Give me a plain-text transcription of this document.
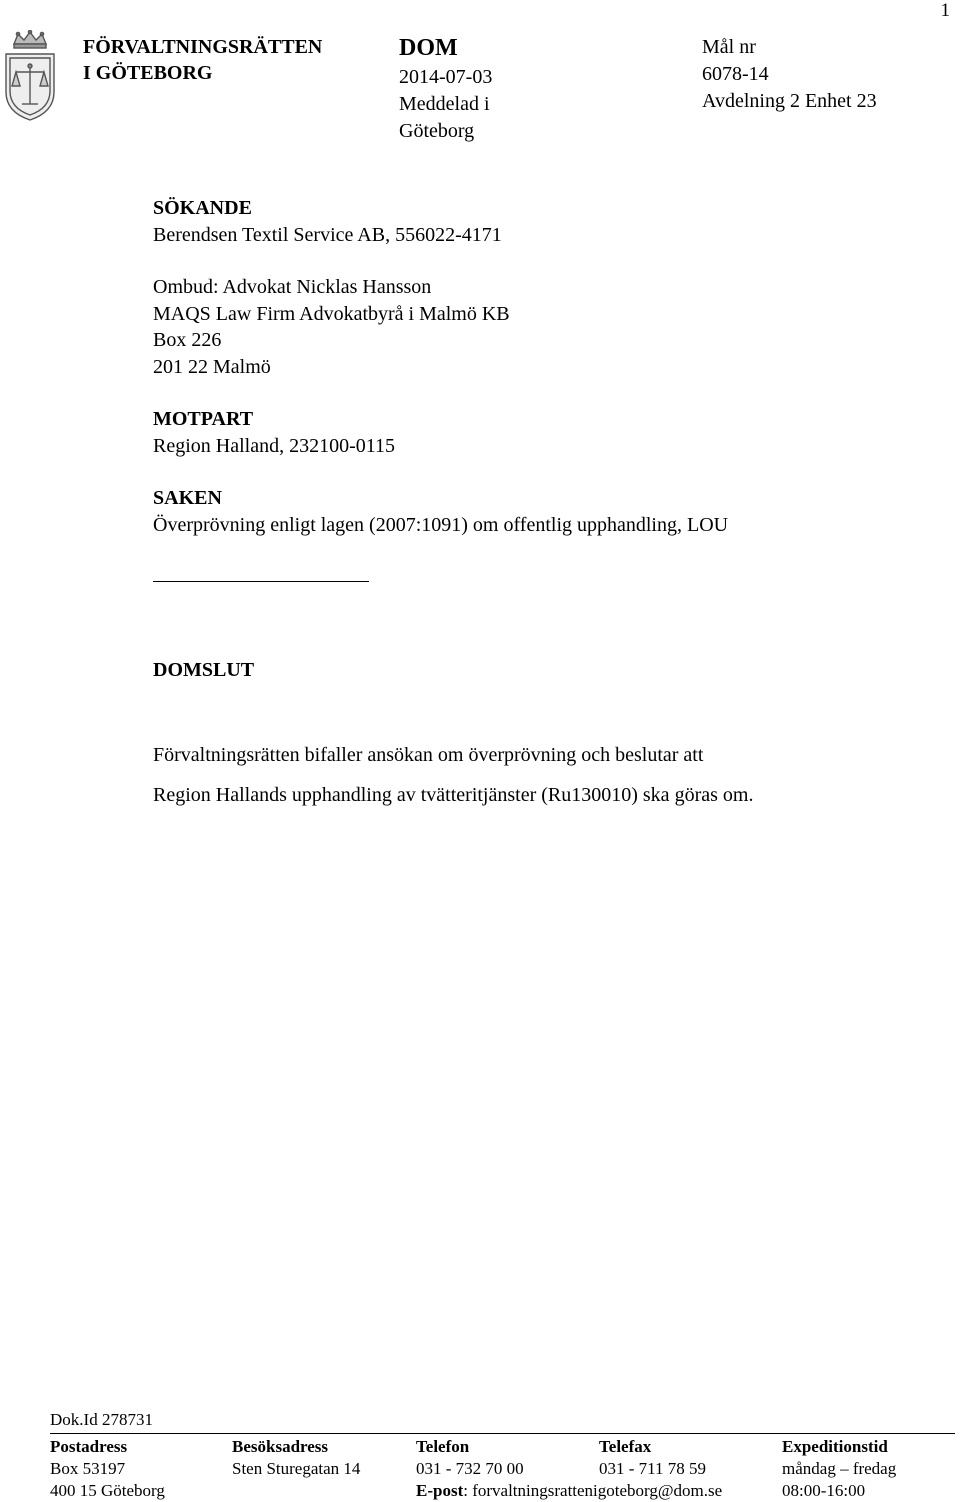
1
FÖRVALTNINGSRÄTTEN
I GÖTEBORG
DOM
2014-07-03
Meddelad i
Göteborg
Mål nr
6078-14
Avdelning 2 Enhet 23
SÖKANDE
Berendsen Textil Service AB, 556022-4171
Ombud: Advokat Nicklas Hansson
MAQS Law Firm Advokatbyrå i Malmö KB
Box 226
201 22 Malmö
MOTPART
Region Halland, 232100-0115
SAKEN
Överprövning enligt lagen (2007:1091) om offentlig upphandling, LOU
DOMSLUT
Förvaltningsrätten bifaller ansökan om överprövning och beslutar att
Region Hallands upphandling av tvätteritjänster (Ru130010) ska göras om.
Dok.Id 278731
Postadress
Box 53197
400 15 Göteborg
Besöksadress
Sten Sturegatan 14
Telefon
031 - 732 70 00
E-post: forvaltningsrattenigoteborg@dom.se
Telefax
031 - 711 78 59
Expeditionstid
måndag – fredag
08:00-16:00
